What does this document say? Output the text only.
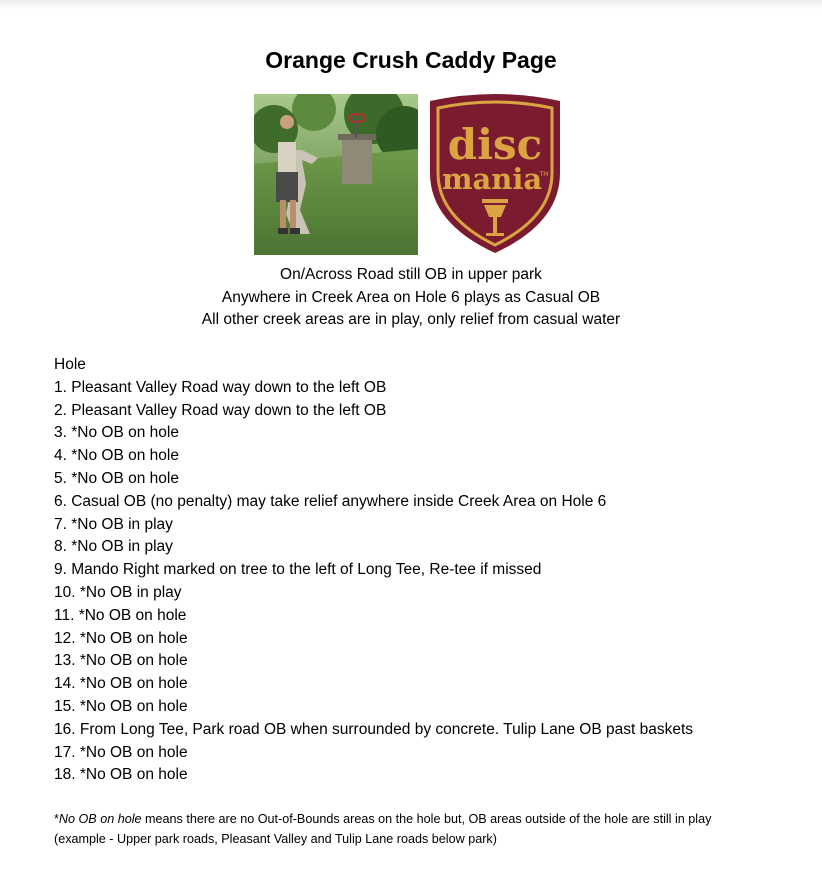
Orange Crush Caddy Page
disc
mania
TM
On/Across Road still OB in upper park
Anywhere in Creek Area on Hole 6 plays as Casual OB
All other creek areas are in play, only relief from casual water
Hole
1. Pleasant Valley Road way down to the left OB
2. Pleasant Valley Road way down to the left OB
3. *No OB on hole
4. *No OB on hole
5. *No OB on hole
6. Casual OB (no penalty) may take relief anywhere inside Creek Area on Hole 6
7. *No OB in play
8. *No OB in play
9. Mando Right marked on tree to the left of Long Tee, Re-tee if missed
10. *No OB in play
11. *No OB on hole
12. *No OB on hole
13. *No OB on hole
14. *No OB on hole
15. *No OB on hole
16. From Long Tee, Park road OB when surrounded by concrete. Tulip Lane OB past baskets
17. *No OB on hole
18. *No OB on hole
*No OB on hole means there are no Out-of-Bounds areas on the hole but, OB areas outside of the hole are still in play (example - Upper park roads, Pleasant Valley and Tulip Lane roads below park)
